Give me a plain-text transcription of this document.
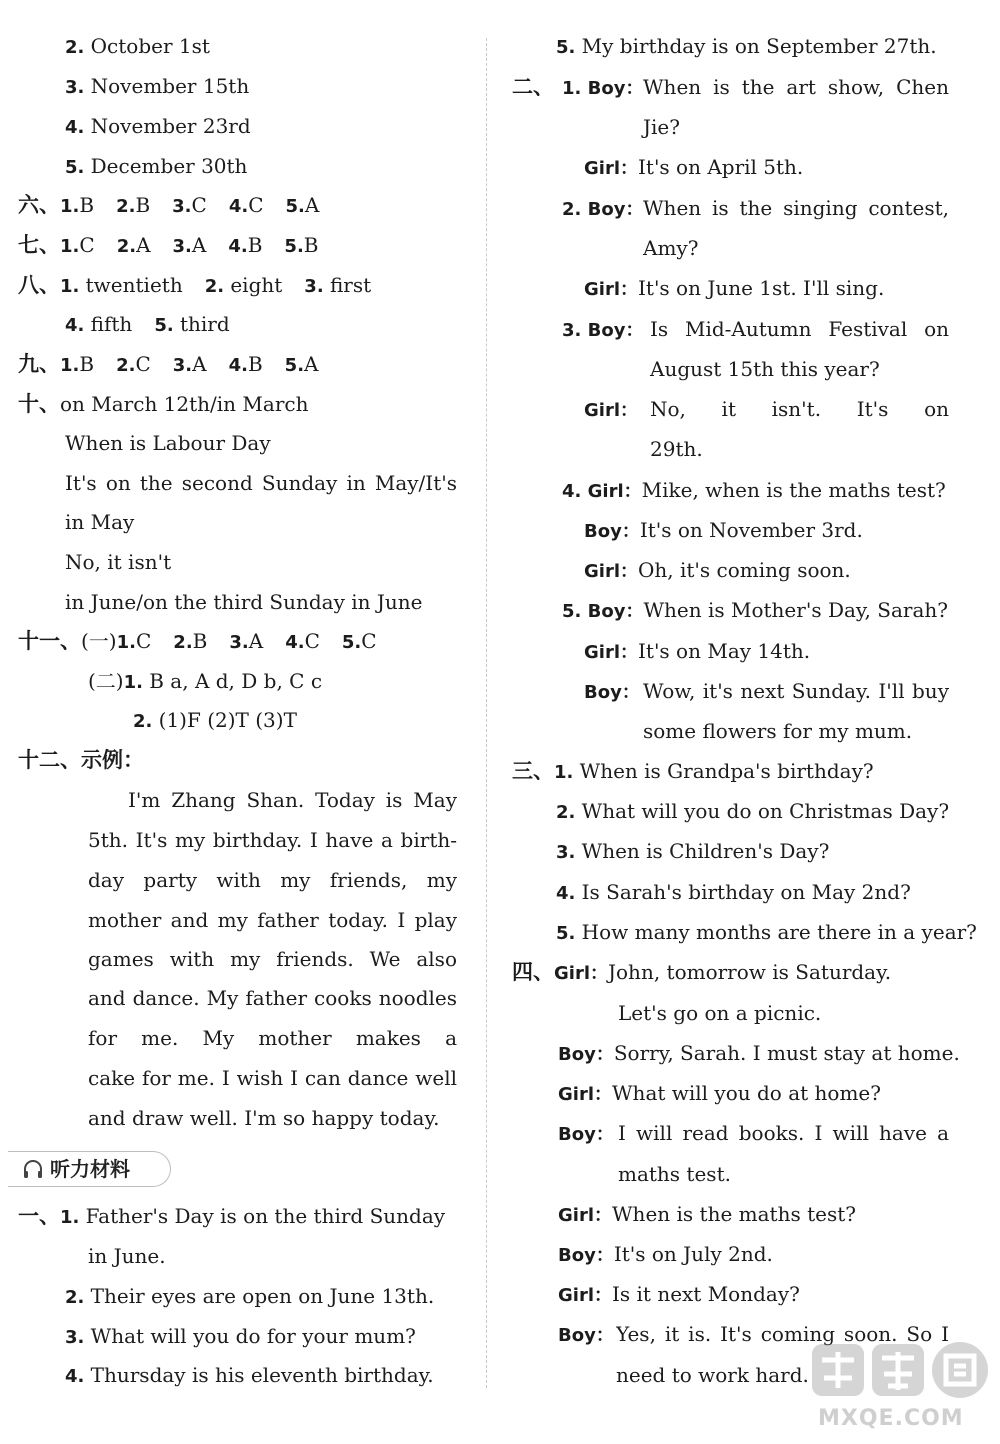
2. October 1st
3. November 15th
4. November 23rd
5. December 30th
六、1.B 2.B 3.C 4.C 5.A
七、1.C 2.A 3.A 4.B 5.B
八、1. twentieth 2. eight 3. first
4. fifth 5. third
九、1.B 2.C 3.A 4.B 5.A
十、on March 12th/in March
When is Labour Day
It's on the second Sunday in May/It's
in May
No, it isn't
in June/on the third Sunday in June
十一、(一)1.C 2.B 3.A 4.C 5.C
(二)1. B a, A d, D b, C c
2. (1)F (2)T (3)T
十二、示例：
I'm Zhang Shan. Today is May
5th. It's my birthday. I have a birth-
day party with my friends, my
mother and my father today. I play
games with my friends. We also
and dance. My father cooks noodles
for me. My mother makes a
cake for me. I wish I can dance well
and draw well. I'm so happy today.
一、1. Father's Day is on the third Sunday
in June.
2. Their eyes are open on June 13th.
3. What will you do for your mum?
4. Thursday is his eleventh birthday.
听力材料
5. My birthday is on September 27th.
二、 1. Boy： When is the art show, Chen
Jie?
Girl：It's on April 5th.
2. Boy： When is the singing contest,
Amy?
Girl：It's on June 1st. I'll sing.
3. Boy： Is Mid-Autumn Festival on
August 15th this year?
Girl： No, it isn't. It's on
29th.
4. Girl：Mike, when is the maths test?
Boy：It's on November 3rd.
Girl：Oh, it's coming soon.
5. Boy：When is Mother's Day, Sarah?
Girl：It's on May 14th.
Boy： Wow, it's next Sunday. I'll buy
some flowers for my mum.
三、1. When is Grandpa's birthday?
2. What will you do on Christmas Day?
3. When is Children's Day?
4. Is Sarah's birthday on May 2nd?
5. How many months are there in a year?
四、Girl：John, tomorrow is Saturday.
Let's go on a picnic.
Boy：Sorry, Sarah. I must stay at home.
Girl：What will you do at home?
Boy： I will read books. I will have a
maths test.
Girl：When is the maths test?
Boy：It's on July 2nd.
Girl：Is it next Monday?
Boy： Yes, it is. It's coming soon. So I
need to work hard.
MXQE.COM
